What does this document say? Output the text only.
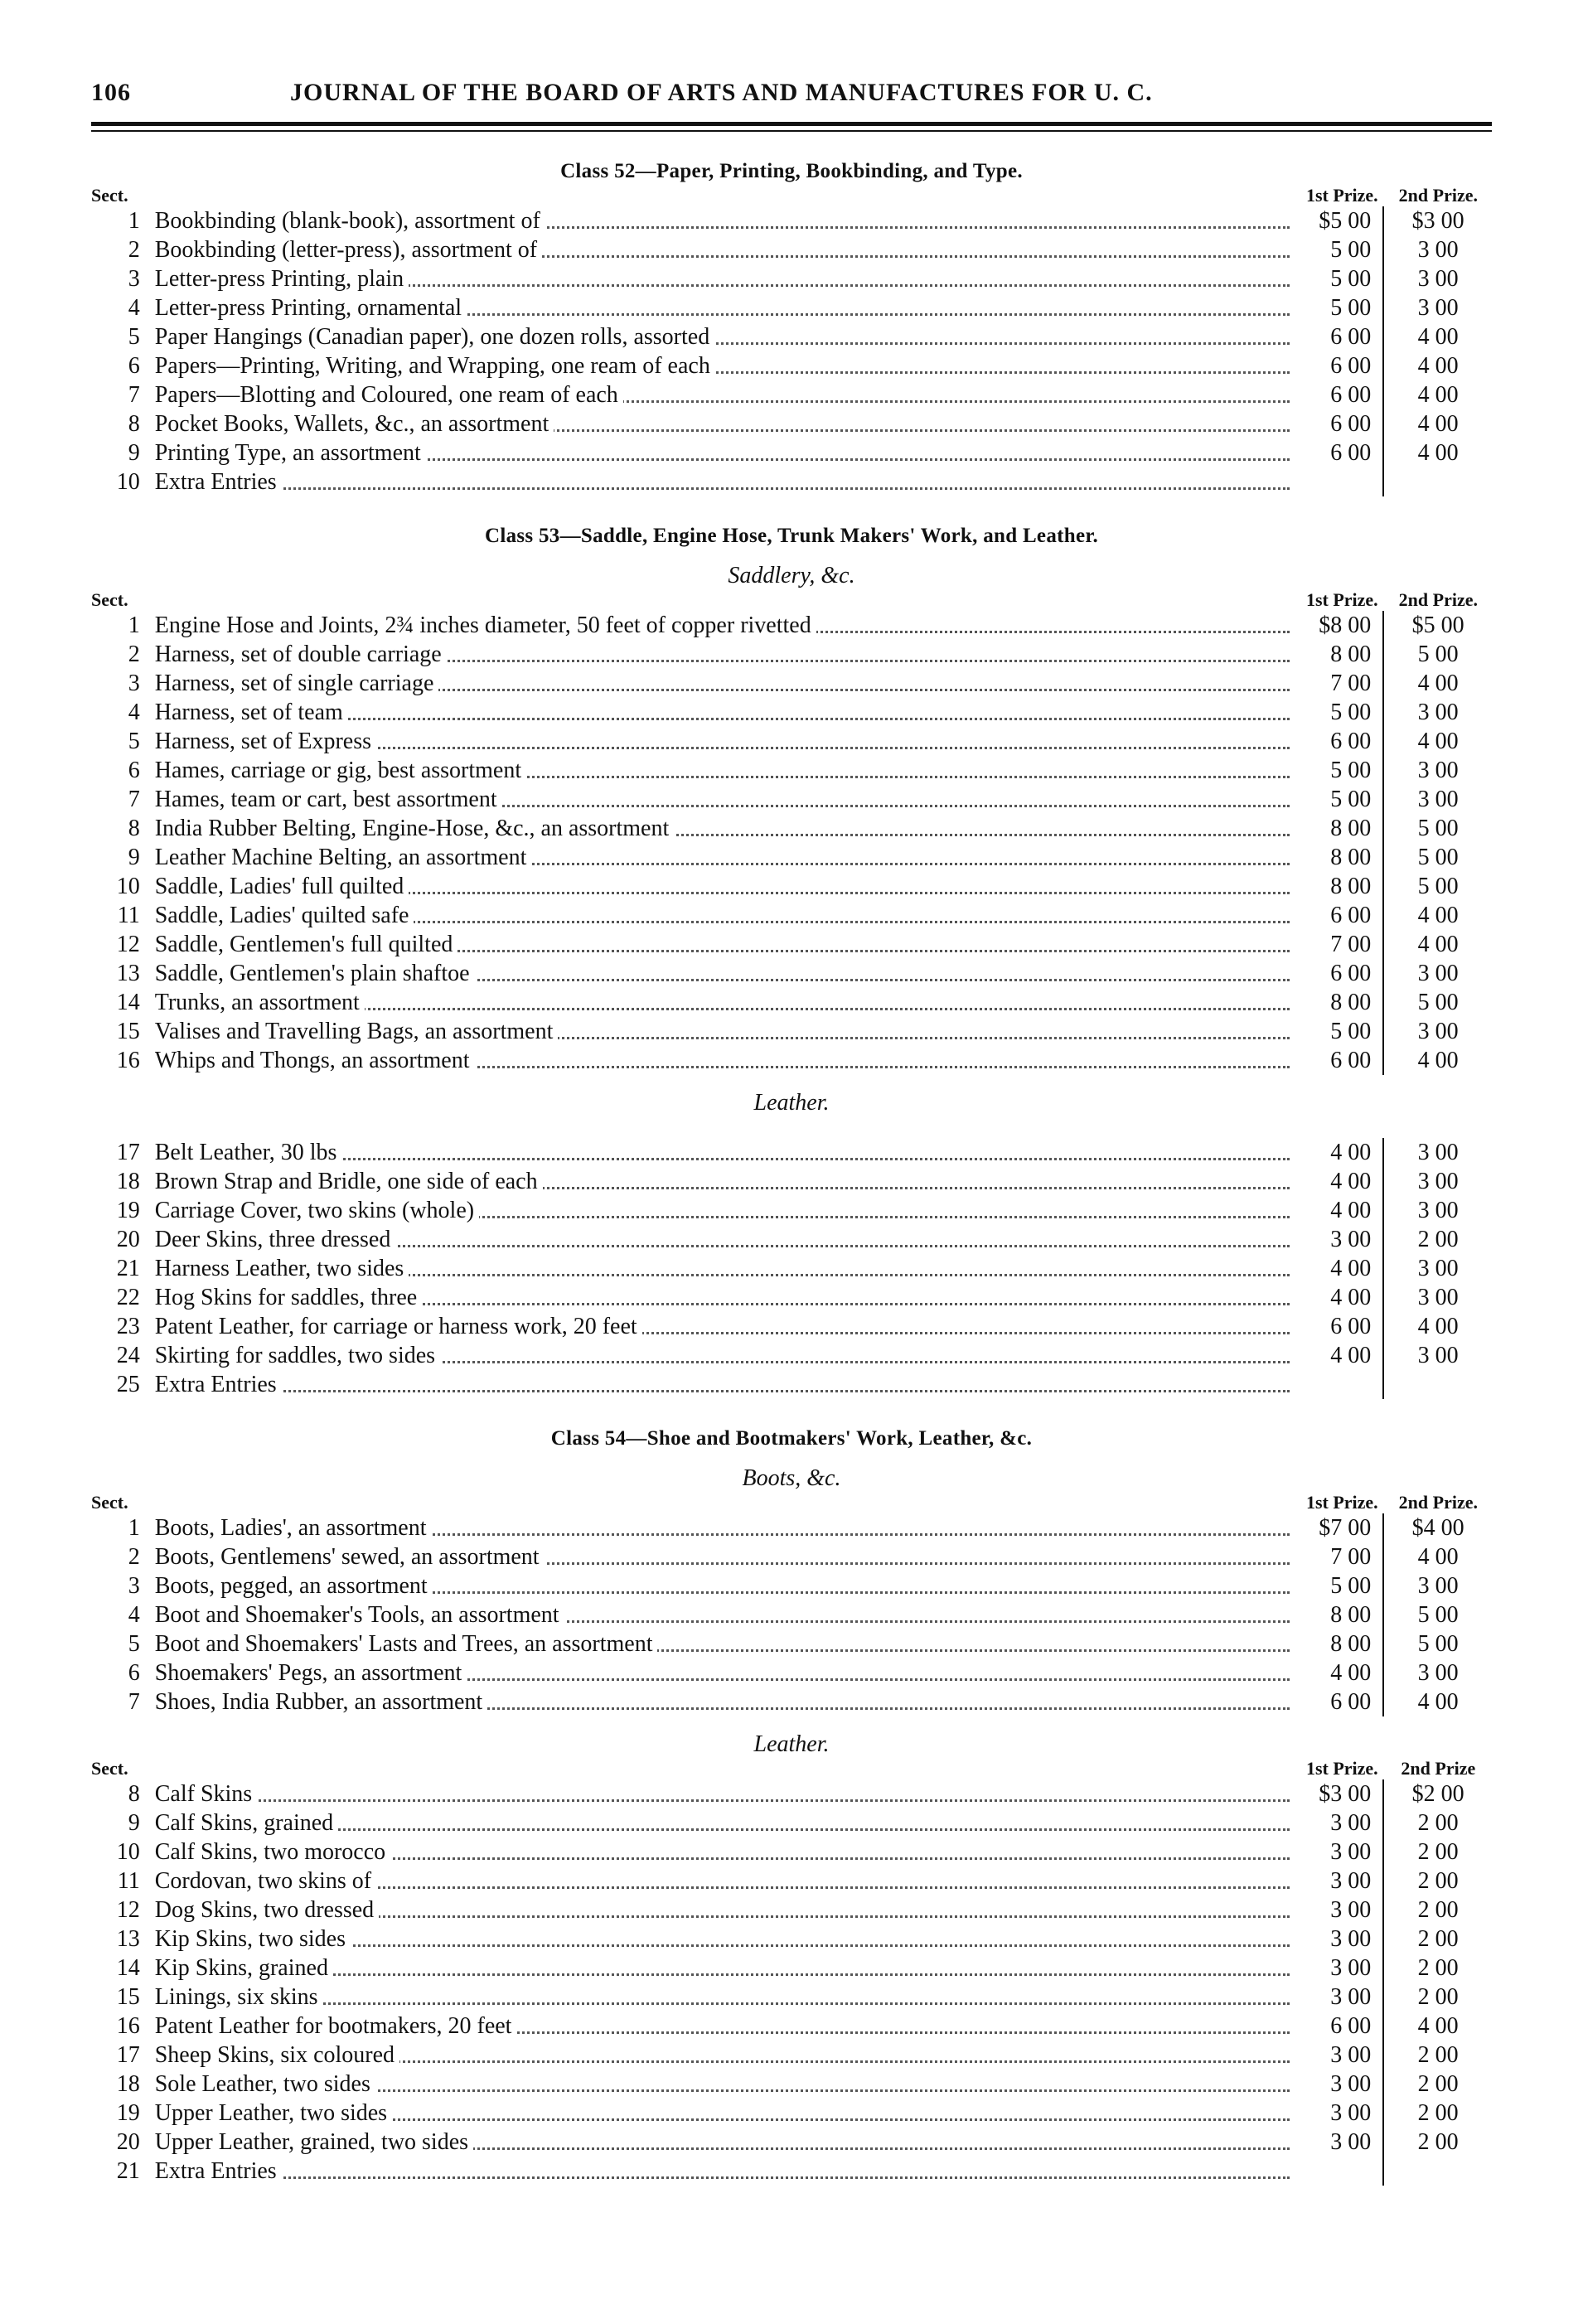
106	JOURNAL OF THE BOARD OF ARTS AND MANUFACTURES FOR U. C.
Class 52—Paper, Printing, Bookbinding, and Type.
Sect.	1st Prize.	2nd Prize.
1 Bookbinding (blank-book), assortment of	$5 00	$3 00
2 Bookbinding (letter-press), assortment of	5 00	3 00
3 Letter-press Printing, plain	5 00	3 00
4 Letter-press Printing, ornamental	5 00	3 00
5 Paper Hangings (Canadian paper), one dozen rolls, assorted	6 00	4 00
6 Papers—Printing, Writing, and Wrapping, one ream of each	6 00	4 00
7 Papers—Blotting and Coloured, one ream of each	6 00	4 00
8 Pocket Books, Wallets, &c., an assortment	6 00	4 00
9 Printing Type, an assortment	6 00	4 00
10 Extra Entries
Class 53—Saddle, Engine Hose, Trunk Makers' Work, and Leather.
Saddlery, &c.
Sect.	1st Prize.	2nd Prize.
1 Engine Hose and Joints, 2¾ inches diameter, 50 feet of copper rivetted	$8 00	$5 00
2 Harness, set of double carriage	8 00	5 00
3 Harness, set of single carriage	7 00	4 00
4 Harness, set of team	5 00	3 00
5 Harness, set of Express	6 00	4 00
6 Hames, carriage or gig, best assortment	5 00	3 00
7 Hames, team or cart, best assortment	5 00	3 00
8 India Rubber Belting, Engine-Hose, &c., an assortment	8 00	5 00
9 Leather Machine Belting, an assortment	8 00	5 00
10 Saddle, Ladies' full quilted	8 00	5 00
11 Saddle, Ladies' quilted safe	6 00	4 00
12 Saddle, Gentlemen's full quilted	7 00	4 00
13 Saddle, Gentlemen's plain shaftoe	6 00	3 00
14 Trunks, an assortment	8 00	5 00
15 Valises and Travelling Bags, an assortment	5 00	3 00
16 Whips and Thongs, an assortment	6 00	4 00
Leather.
17 Belt Leather, 30 lbs	4 00	3 00
18 Brown Strap and Bridle, one side of each	4 00	3 00
19 Carriage Cover, two skins (whole)	4 00	3 00
20 Deer Skins, three dressed	3 00	2 00
21 Harness Leather, two sides	4 00	3 00
22 Hog Skins for saddles, three	4 00	3 00
23 Patent Leather, for carriage or harness work, 20 feet	6 00	4 00
24 Skirting for saddles, two sides	4 00	3 00
25 Extra Entries
Class 54—Shoe and Bootmakers' Work, Leather, &c.
Boots, &c.
Sect.	1st Prize.	2nd Prize.
1 Boots, Ladies', an assortment	$7 00	$4 00
2 Boots, Gentlemens' sewed, an assortment	7 00	4 00
3 Boots, pegged, an assortment	5 00	3 00
4 Boot and Shoemaker's Tools, an assortment	8 00	5 00
5 Boot and Shoemakers' Lasts and Trees, an assortment	8 00	5 00
6 Shoemakers' Pegs, an assortment	4 00	3 00
7 Shoes, India Rubber, an assortment	6 00	4 00
Leather.
Sect.	1st Prize.	2nd Prize
8 Calf Skins	$3 00	$2 00
9 Calf Skins, grained	3 00	2 00
10 Calf Skins, two morocco	3 00	2 00
11 Cordovan, two skins of	3 00	2 00
12 Dog Skins, two dressed	3 00	2 00
13 Kip Skins, two sides	3 00	2 00
14 Kip Skins, grained	3 00	2 00
15 Linings, six skins	3 00	2 00
16 Patent Leather for bootmakers, 20 feet	6 00	4 00
17 Sheep Skins, six coloured	3 00	2 00
18 Sole Leather, two sides	3 00	2 00
19 Upper Leather, two sides	3 00	2 00
20 Upper Leather, grained, two sides	3 00	2 00
21 Extra Entries
